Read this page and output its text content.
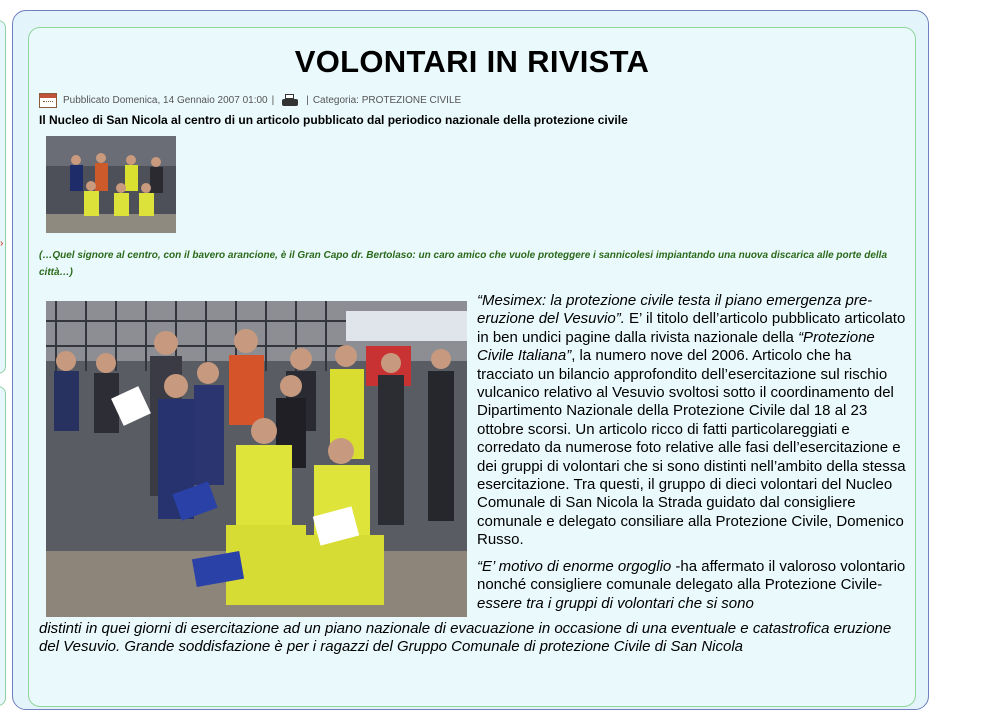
›
VOLONTARI IN RIVISTA
Pubblicato Domenica, 14 Gennaio 2007 01:00 |	| Categoria: PROTEZIONE CIVILE
Il Nucleo di San Nicola al centro di un articolo pubblicato dal periodico nazionale della protezione civile
(…Quel signore al centro, con il bavero arancione, è il Gran Capo dr. Bertolaso: un caro amico che vuole proteggere i sannicolesi impiantando una nuova discarica alle porte della città…)

“Mesimex: la protezione civile testa il piano emergenza pre-eruzione del Vesuvio”. E’ il titolo dell’articolo pubblicato articolato in ben undici pagine dalla rivista nazionale della “Protezione Civile Italiana”, la numero nove del 2006. Articolo che ha tracciato un bilancio approfondito dell’esercitazione sul rischio vulcanico relativo al Vesuvio svoltosi sotto il coordinamento del Dipartimento Nazionale della Protezione Civile dal 18 al 23 ottobre scorsi. Un articolo ricco di fatti particolareggiati e corredato da numerose foto relative alle fasi dell’esercitazione e dei gruppi di volontari che si sono distinti nell’ambito della stessa esercitazione. Tra questi, il gruppo di dieci volontari del Nucleo Comunale di San Nicola la Strada guidato dal consigliere comunale e delegato consiliare alla Protezione Civile, Domenico Russo.

“E’ motivo di enorme orgoglio -ha affermato il valoroso volontario nonché consigliere comunale delegato alla Protezione Civile- essere tra i gruppi di volontari che si sono

distinti in quei giorni di esercitazione ad un piano nazionale di evacuazione in occasione di una eventuale e catastrofica eruzione del Vesuvio. Grande soddisfazione è per i ragazzi del Gruppo Comunale di protezione Civile di San Nicola
